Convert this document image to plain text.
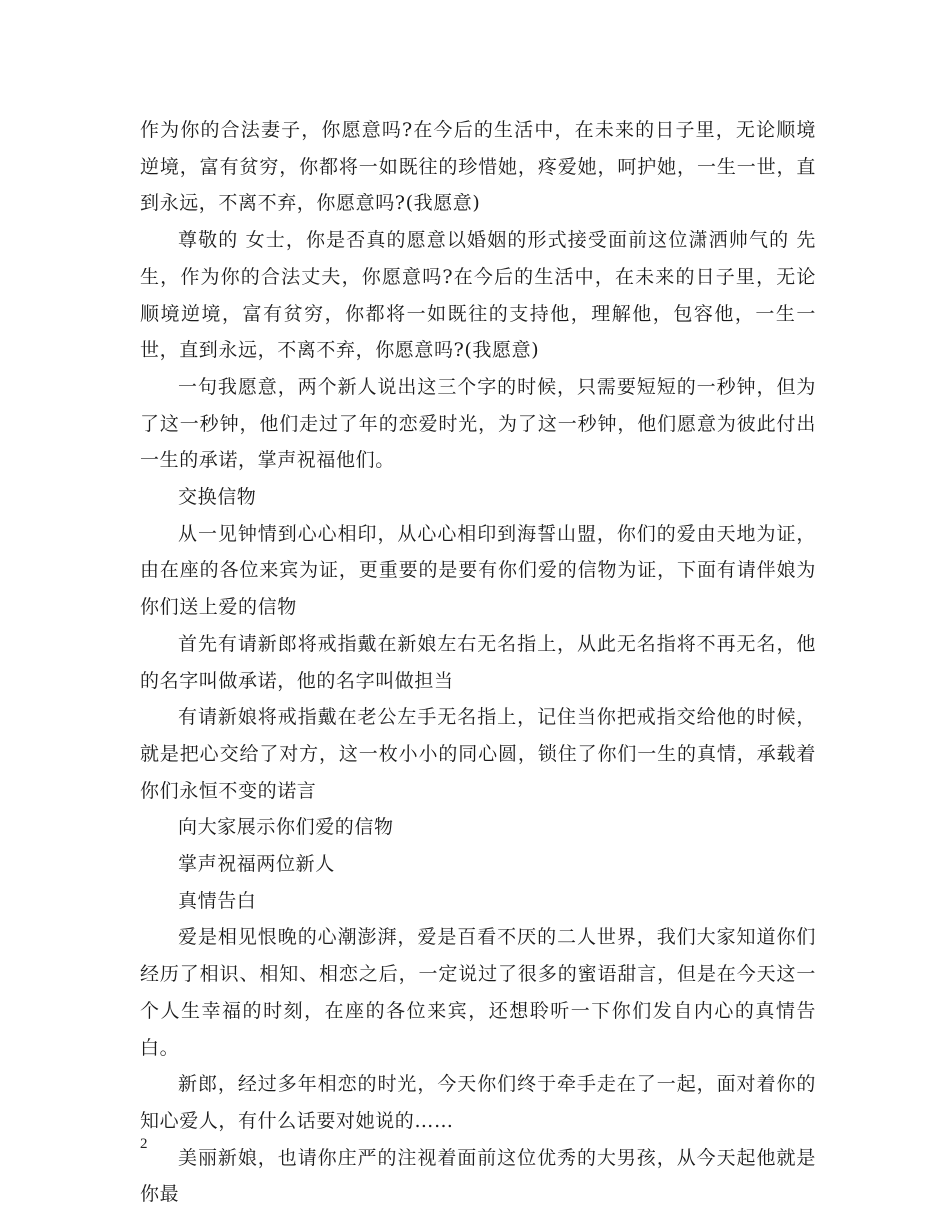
作为你的合法妻子，你愿意吗?在今后的生活中，在未来的日子里，无论顺境逆境，富有贫穷，你都将一如既往的珍惜她，疼爱她，呵护她，一生一世，直到永远，不离不弃，你愿意吗?(我愿意)

尊敬的 女士，你是否真的愿意以婚姻的形式接受面前这位潇洒帅气的 先生，作为你的合法丈夫，你愿意吗?在今后的生活中，在未来的日子里，无论顺境逆境，富有贫穷，你都将一如既往的支持他，理解他，包容他，一生一世，直到永远，不离不弃，你愿意吗?(我愿意)

一句我愿意，两个新人说出这三个字的时候，只需要短短的一秒钟，但为了这一秒钟，他们走过了年的恋爱时光，为了这一秒钟，他们愿意为彼此付出一生的承诺，掌声祝福他们。

交换信物

从一见钟情到心心相印，从心心相印到海誓山盟，你们的爱由天地为证，由在座的各位来宾为证，更重要的是要有你们爱的信物为证，下面有请伴娘为你们送上爱的信物

首先有请新郎将戒指戴在新娘左右无名指上，从此无名指将不再无名，他的名字叫做承诺，他的名字叫做担当

有请新娘将戒指戴在老公左手无名指上，记住当你把戒指交给他的时候，就是把心交给了对方，这一枚小小的同心圆，锁住了你们一生的真情，承载着你们永恒不变的诺言

向大家展示你们爱的信物

掌声祝福两位新人

真情告白

爱是相见恨晚的心潮澎湃，爱是百看不厌的二人世界，我们大家知道你们经历了相识、相知、相恋之后，一定说过了很多的蜜语甜言，但是在今天这一个人生幸福的时刻，在座的各位来宾，还想聆听一下你们发自内心的真情告白。

新郎，经过多年相恋的时光，今天你们终于牵手走在了一起，面对着你的知心爱人，有什么话要对她说的……

美丽新娘，也请你庄严的注视着面前这位优秀的大男孩，从今天起他就是你最

2
